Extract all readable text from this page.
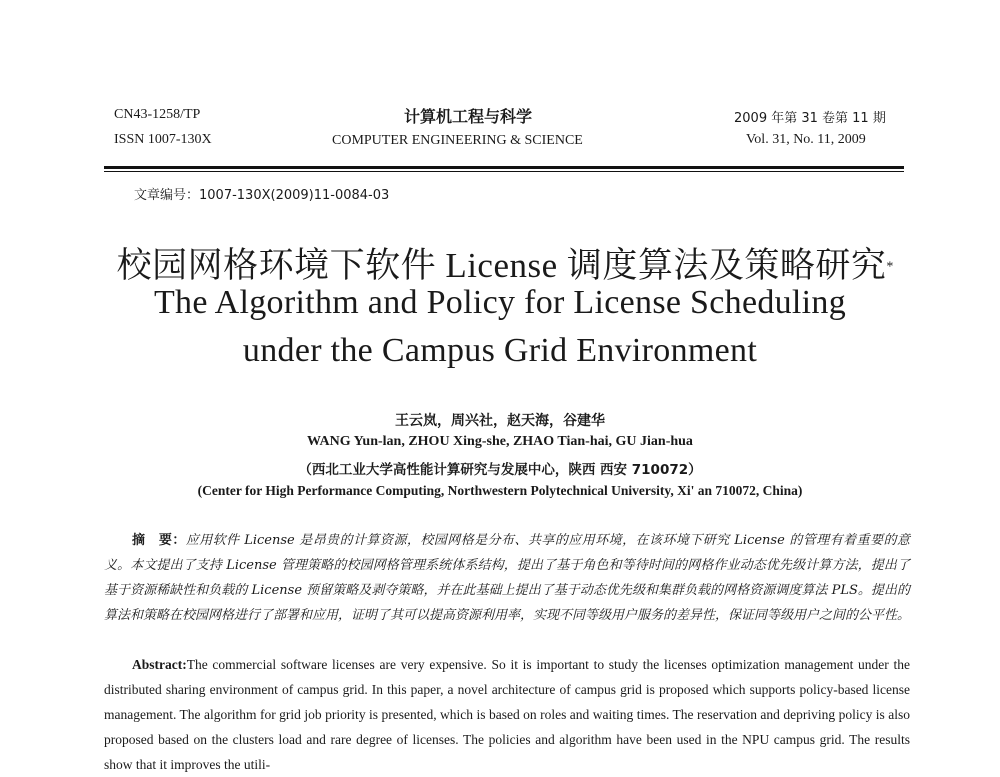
CN43-1258/TP
ISSN 1007-130X
计算机工程与科学
COMPUTER ENGINEERING & SCIENCE
2009 年第 31 卷第 11 期
Vol. 31, No. 11, 2009
文章编号：1007-130X(2009)11-0084-03
校园网格环境下软件 License 调度算法及策略研究*
The Algorithm and Policy for License Scheduling
under the Campus Grid Environment
王云岚，周兴社，赵天海，谷建华
WANG Yun-lan, ZHOU Xing-she, ZHAO Tian-hai, GU Jian-hua
（西北工业大学高性能计算研究与发展中心，陕西 西安 710072）
(Center for High Performance Computing, Northwestern Polytechnical University, Xi' an 710072, China)
摘　要：应用软件 License 是昂贵的计算资源，校园网格是分布、共享的应用环境，在该环境下研究 License 的管理有着重要的意义。本文提出了支持 License 管理策略的校园网格管理系统体系结构，提出了基于角色和等待时间的网格作业动态优先级计算方法，提出了基于资源稀缺性和负载的 License 预留策略及剥夺策略，并在此基础上提出了基于动态优先级和集群负载的网格资源调度算法 PLS。提出的算法和策略在校园网格进行了部署和应用，证明了其可以提高资源利用率，实现不同等级用户服务的差异性，保证同等级用户之间的公平性。
Abstract:The commercial software licenses are very expensive. So it is important to study the licenses optimization management under the distributed sharing environment of campus grid. In this paper, a novel architecture of campus grid is proposed which supports policy-based license management. The algorithm for grid job priority is presented, which is based on roles and waiting times. The reservation and depriving policy is also proposed based on the clusters load and rare degree of licenses. The policies and algorithm have been used in the NPU campus grid. The results show that it improves the utili-
